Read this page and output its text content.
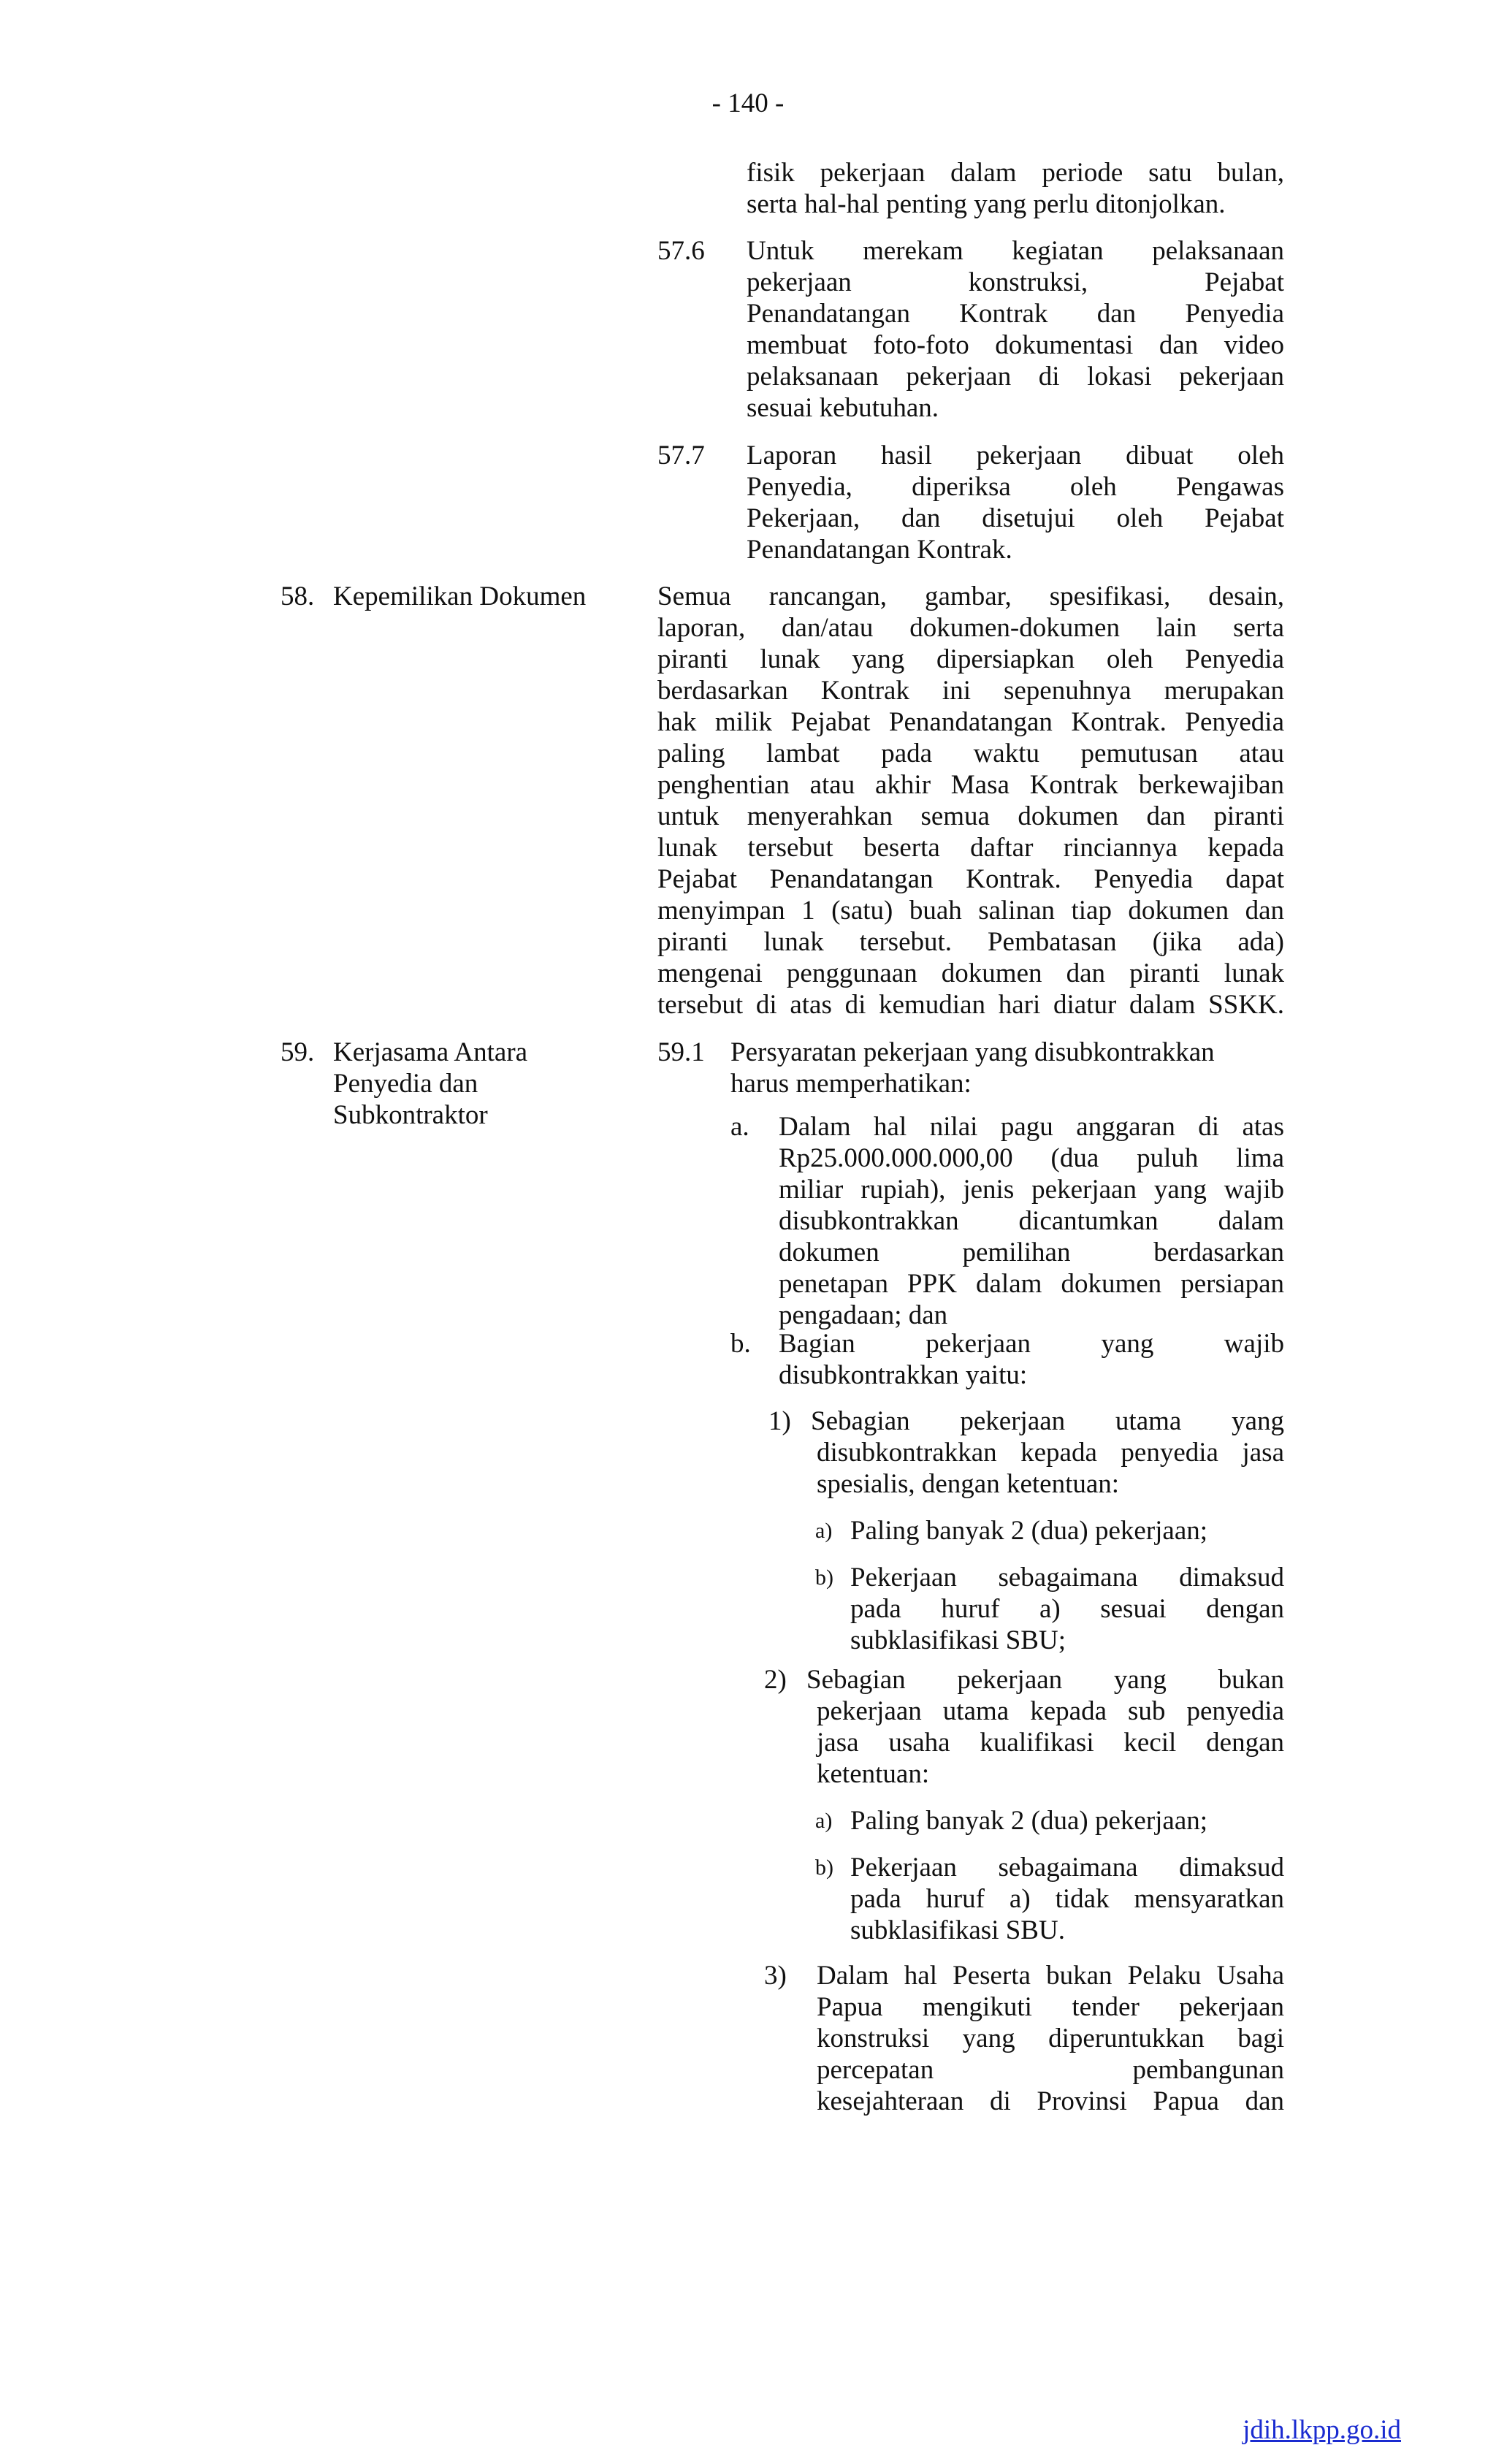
- 140 -
fisik pekerjaan dalam periode satu bulan,
serta hal-hal penting yang perlu ditonjolkan.
57.6 Untuk merekam kegiatan pelaksanaan
pekerjaan konstruksi, Pejabat
Penandatangan Kontrak dan Penyedia
membuat foto-foto dokumentasi dan video
pelaksanaan pekerjaan di lokasi pekerjaan
sesuai kebutuhan.
57.7 Laporan hasil pekerjaan dibuat oleh
Penyedia, diperiksa oleh Pengawas
Pekerjaan, dan disetujui oleh Pejabat
Penandatangan Kontrak.
58. Kepemilikan Dokumen	Semua rancangan, gambar, spesifikasi, desain,
laporan, dan/atau dokumen-dokumen lain serta
piranti lunak yang dipersiapkan oleh Penyedia
berdasarkan Kontrak ini sepenuhnya merupakan
hak milik Pejabat Penandatangan Kontrak. Penyedia
paling lambat pada waktu pemutusan atau
penghentian atau akhir Masa Kontrak berkewajiban
untuk menyerahkan semua dokumen dan piranti
lunak tersebut beserta daftar rinciannya kepada
Pejabat Penandatangan Kontrak. Penyedia dapat
menyimpan 1 (satu) buah salinan tiap dokumen dan
piranti lunak tersebut. Pembatasan (jika ada)
mengenai penggunaan dokumen dan piranti lunak
tersebut di atas di kemudian hari diatur dalam SSKK.
59. Kerjasama Antara
Penyedia dan
Subkontraktor
59.1 Persyaratan pekerjaan yang disubkontrakkan
harus memperhatikan:
a. Dalam hal nilai pagu anggaran di atas
Rp25.000.000.000,00 (dua puluh lima
miliar rupiah), jenis pekerjaan yang wajib
disubkontrakkan dicantumkan dalam
dokumen pemilihan berdasarkan
penetapan PPK dalam dokumen persiapan
pengadaan; dan
b. Bagian pekerjaan yang wajib
disubkontrakkan yaitu:
1) Sebagian pekerjaan utama yang
disubkontrakkan kepada penyedia jasa
spesialis, dengan ketentuan:
a) Paling banyak 2 (dua) pekerjaan;
b) Pekerjaan sebagaimana dimaksud
pada huruf a) sesuai dengan
subklasifikasi SBU;
2) Sebagian pekerjaan yang bukan
pekerjaan utama kepada sub penyedia
jasa usaha kualifikasi kecil dengan
ketentuan:
a) Paling banyak 2 (dua) pekerjaan;
b) Pekerjaan sebagaimana dimaksud
pada huruf a) tidak mensyaratkan
subklasifikasi SBU.
3) Dalam hal Peserta bukan Pelaku Usaha
Papua mengikuti tender pekerjaan
konstruksi yang diperuntukkan bagi
percepatan pembangunan
kesejahteraan di Provinsi Papua dan
jdih.lkpp.go.id
